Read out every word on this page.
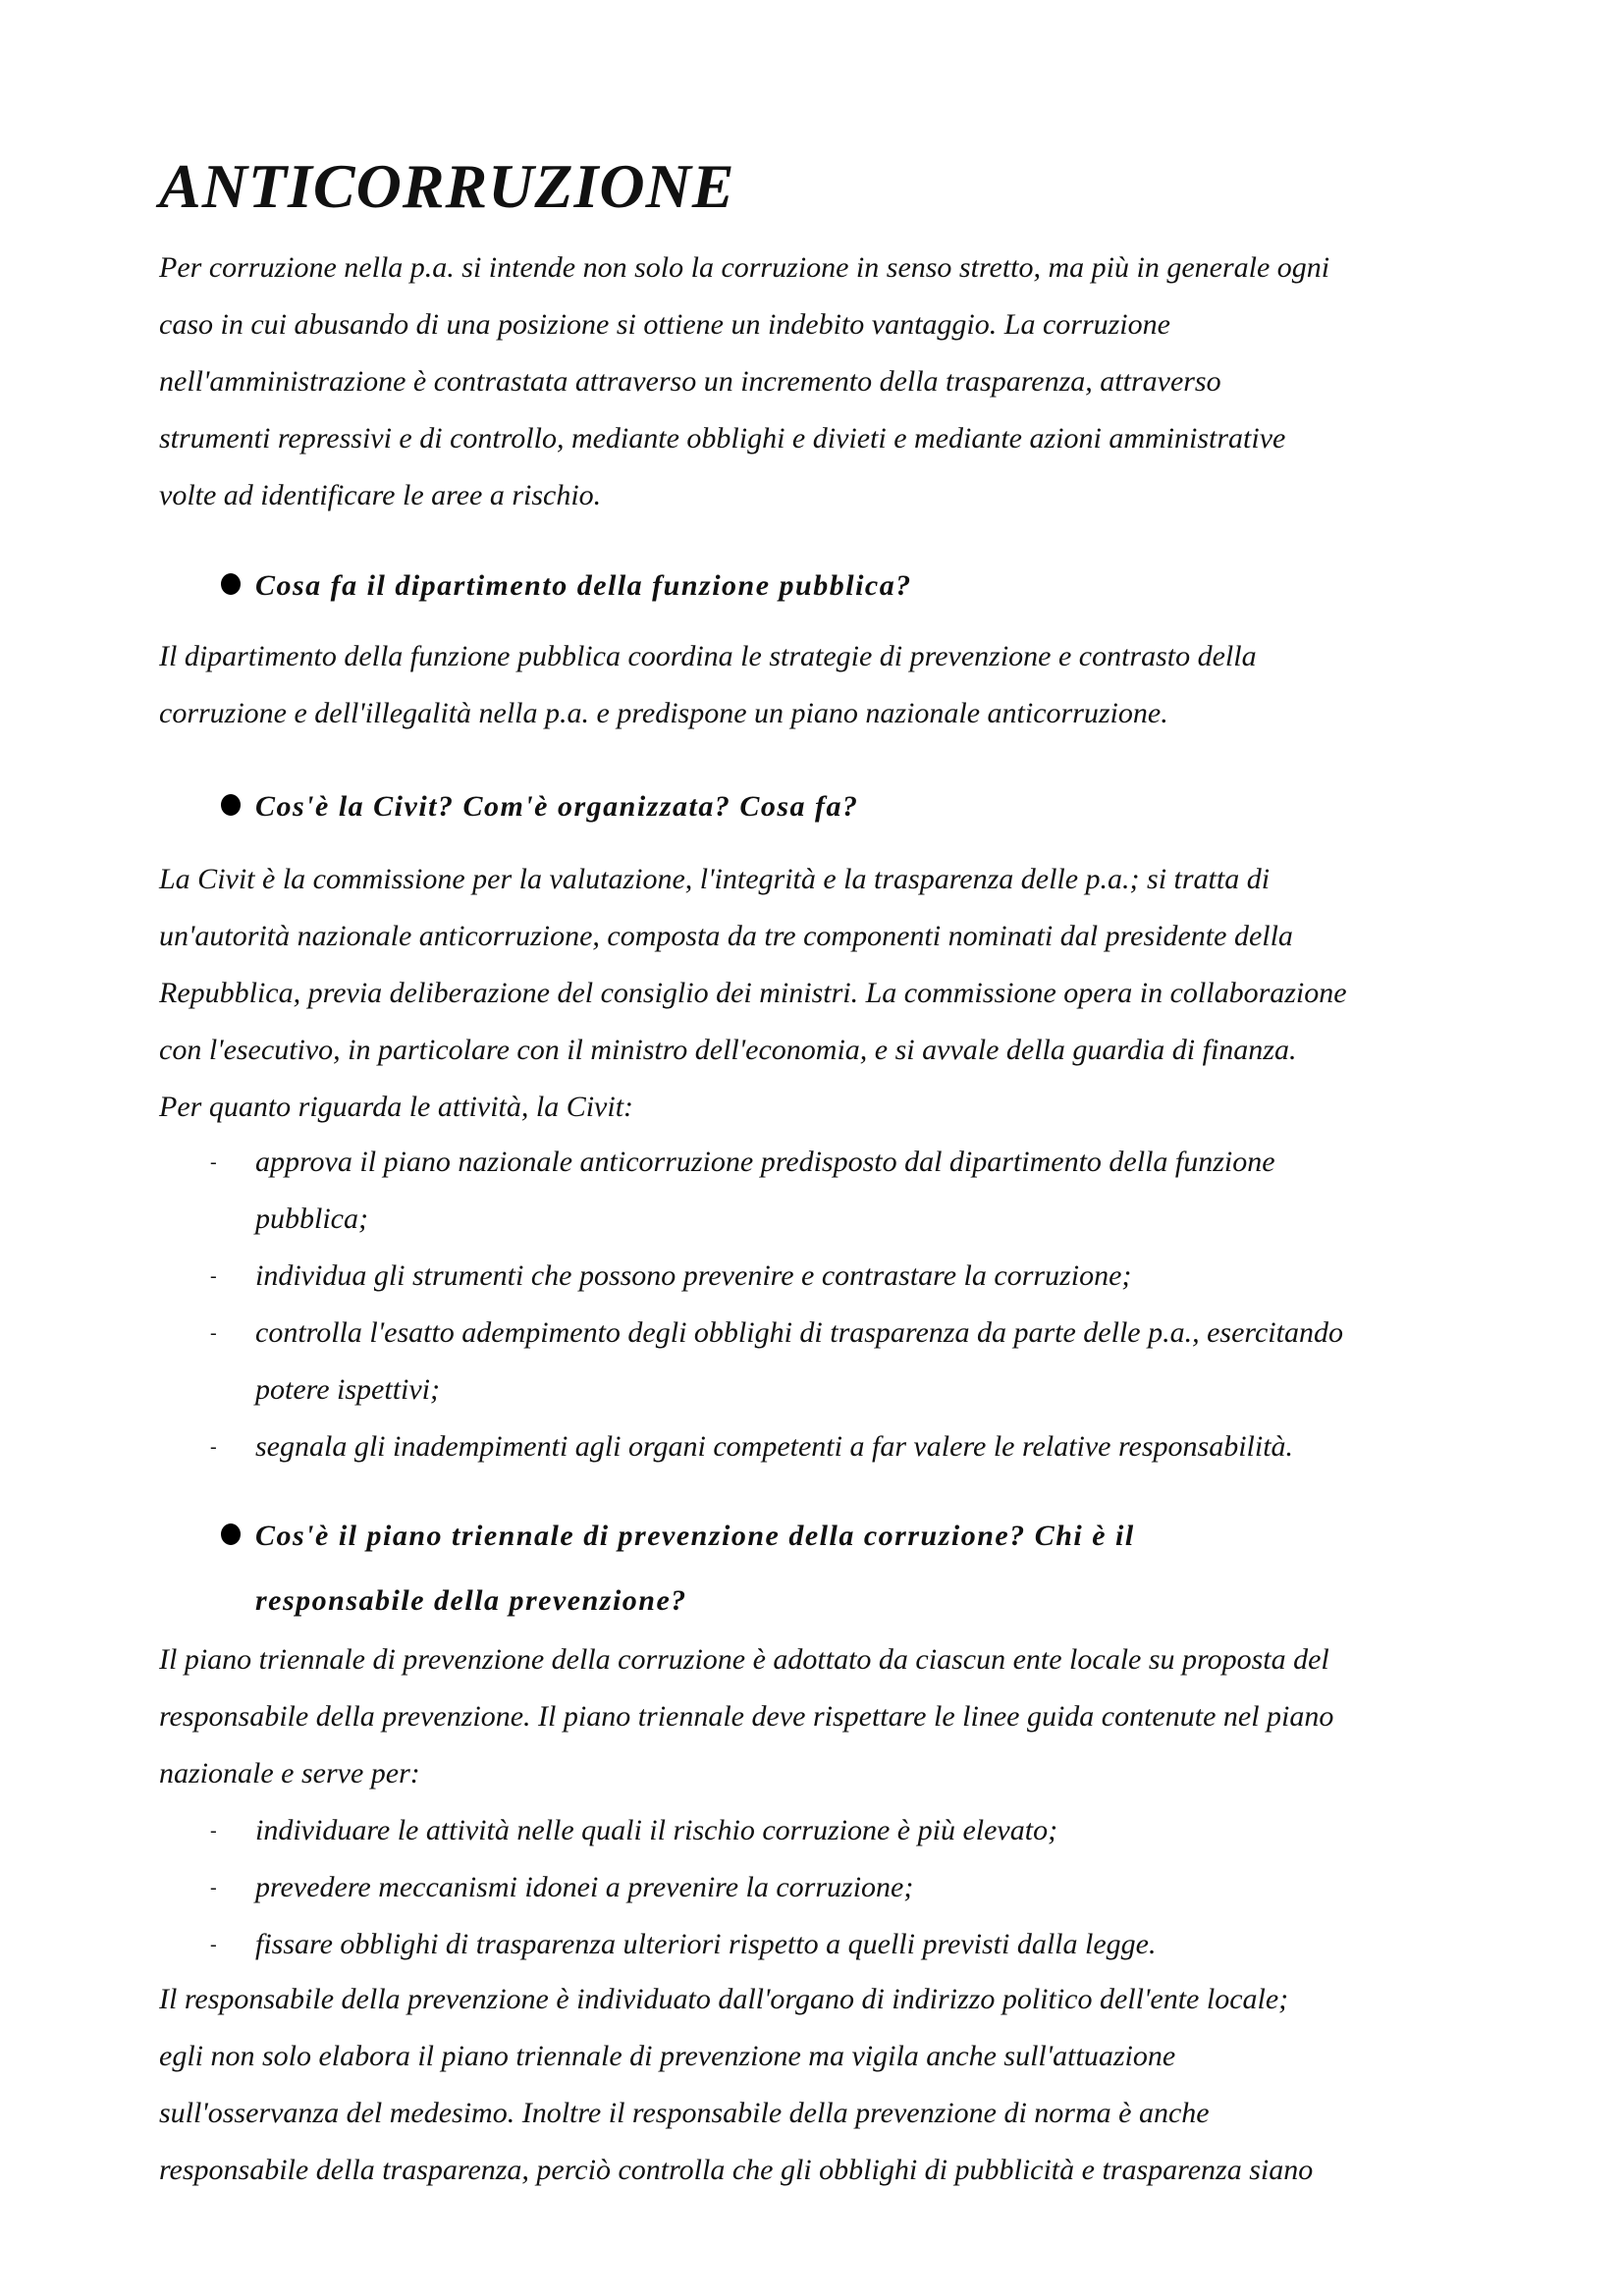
ANTICORRUZIONE
Per corruzione nella p.a. si intende non solo la corruzione in senso stretto, ma più in generale ogni
caso in cui abusando di una posizione si ottiene un indebito vantaggio. La corruzione
nell'amministrazione è contrastata attraverso un incremento della trasparenza, attraverso
strumenti repressivi e di controllo, mediante obblighi e divieti e mediante azioni amministrative
volte ad identificare le aree a rischio.
Cosa fa il dipartimento della funzione pubblica?
Il dipartimento della funzione pubblica coordina le strategie di prevenzione e contrasto della
corruzione e dell'illegalità nella p.a. e predispone un piano nazionale anticorruzione.
Cos'è la Civit? Com'è organizzata? Cosa fa?
La Civit è la commissione per la valutazione, l'integrità e la trasparenza delle p.a.; si tratta di
un'autorità nazionale anticorruzione, composta da tre componenti nominati dal presidente della
Repubblica, previa deliberazione del consiglio dei ministri. La commissione opera in collaborazione
con l'esecutivo, in particolare con il ministro dell'economia, e si avvale della guardia di finanza.
Per quanto riguarda le attività, la Civit:
- approva il piano nazionale anticorruzione predisposto dal dipartimento della funzione
pubblica;
- individua gli strumenti che possono prevenire e contrastare la corruzione;
- controlla l'esatto adempimento degli obblighi di trasparenza da parte delle p.a., esercitando
potere ispettivi;
- segnala gli inadempimenti agli organi competenti a far valere le relative responsabilità.
Cos'è il piano triennale di prevenzione della corruzione? Chi è il
responsabile della prevenzione?
Il piano triennale di prevenzione della corruzione è adottato da ciascun ente locale su proposta del
responsabile della prevenzione. Il piano triennale deve rispettare le linee guida contenute nel piano
nazionale e serve per:
- individuare le attività nelle quali il rischio corruzione è più elevato;
- prevedere meccanismi idonei a prevenire la corruzione;
- fissare obblighi di trasparenza ulteriori rispetto a quelli previsti dalla legge.
Il responsabile della prevenzione è individuato dall'organo di indirizzo politico dell'ente locale;
egli non solo elabora il piano triennale di prevenzione ma vigila anche sull'attuazione
sull'osservanza del medesimo. Inoltre il responsabile della prevenzione di norma è anche
responsabile della trasparenza, perciò controlla che gli obblighi di pubblicità e trasparenza siano
